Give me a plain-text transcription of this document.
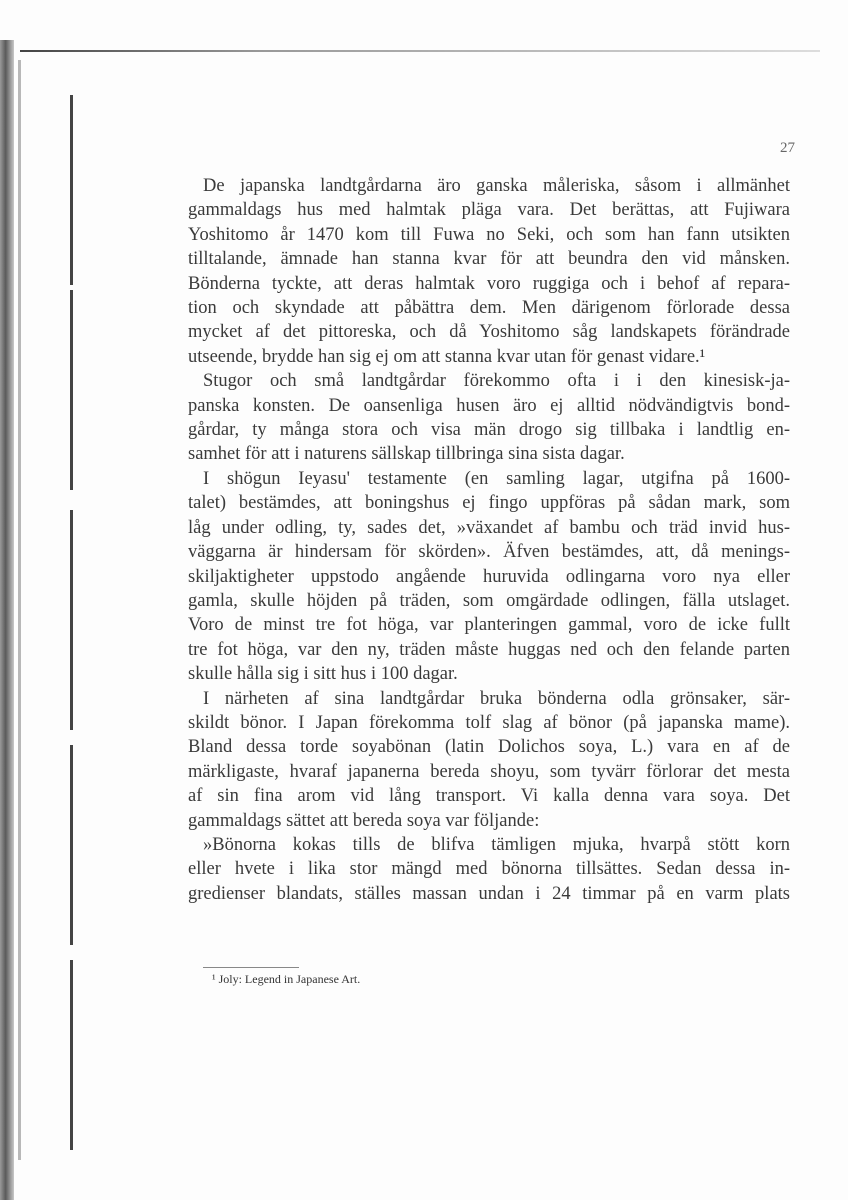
27
De japanska landtgårdarna äro ganska måleriska, såsom i allmänhet
gammaldags hus med halmtak pläga vara. Det berättas, att Fujiwara
Yoshitomo år 1470 kom till Fuwa no Seki, och som han fann utsikten
tilltalande, ämnade han stanna kvar för att beundra den vid månsken.
Bönderna tyckte, att deras halmtak voro ruggiga och i behof af repara-
tion och skyndade att påbättra dem. Men därigenom förlorade dessa
mycket af det pittoreska, och då Yoshitomo såg landskapets förändrade
utseende, brydde han sig ej om att stanna kvar utan för genast vidare.¹
Stugor och små landtgårdar förekommo ofta i i den kinesisk-ja-
panska konsten. De oansenliga husen äro ej alltid nödvändigtvis bond-
gårdar, ty många stora och visa män drogo sig tillbaka i landtlig en-
samhet för att i naturens sällskap tillbringa sina sista dagar.
I shögun Ieyasu' testamente (en samling lagar, utgifna på 1600-
talet) bestämdes, att boningshus ej fingo uppföras på sådan mark, som
låg under odling, ty, sades det, »växandet af bambu och träd invid hus-
väggarna är hindersam för skörden». Äfven bestämdes, att, då menings-
skiljaktigheter uppstodo angående huruvida odlingarna voro nya eller
gamla, skulle höjden på träden, som omgärdade odlingen, fälla utslaget.
Voro de minst tre fot höga, var planteringen gammal, voro de icke fullt
tre fot höga, var den ny, träden måste huggas ned och den felande parten
skulle hålla sig i sitt hus i 100 dagar.
I närheten af sina landtgårdar bruka bönderna odla grönsaker, sär-
skildt bönor. I Japan förekomma tolf slag af bönor (på japanska mame).
Bland dessa torde soyabönan (latin Dolichos soya, L.) vara en af de
märkligaste, hvaraf japanerna bereda shoyu, som tyvärr förlorar det mesta
af sin fina arom vid lång transport. Vi kalla denna vara soya. Det
gammaldags sättet att bereda soya var följande:
»Bönorna kokas tills de blifva tämligen mjuka, hvarpå stött korn
eller hvete i lika stor mängd med bönorna tillsättes. Sedan dessa in-
gredienser blandats, ställes massan undan i 24 timmar på en varm plats
¹ Joly: Legend in Japanese Art.
